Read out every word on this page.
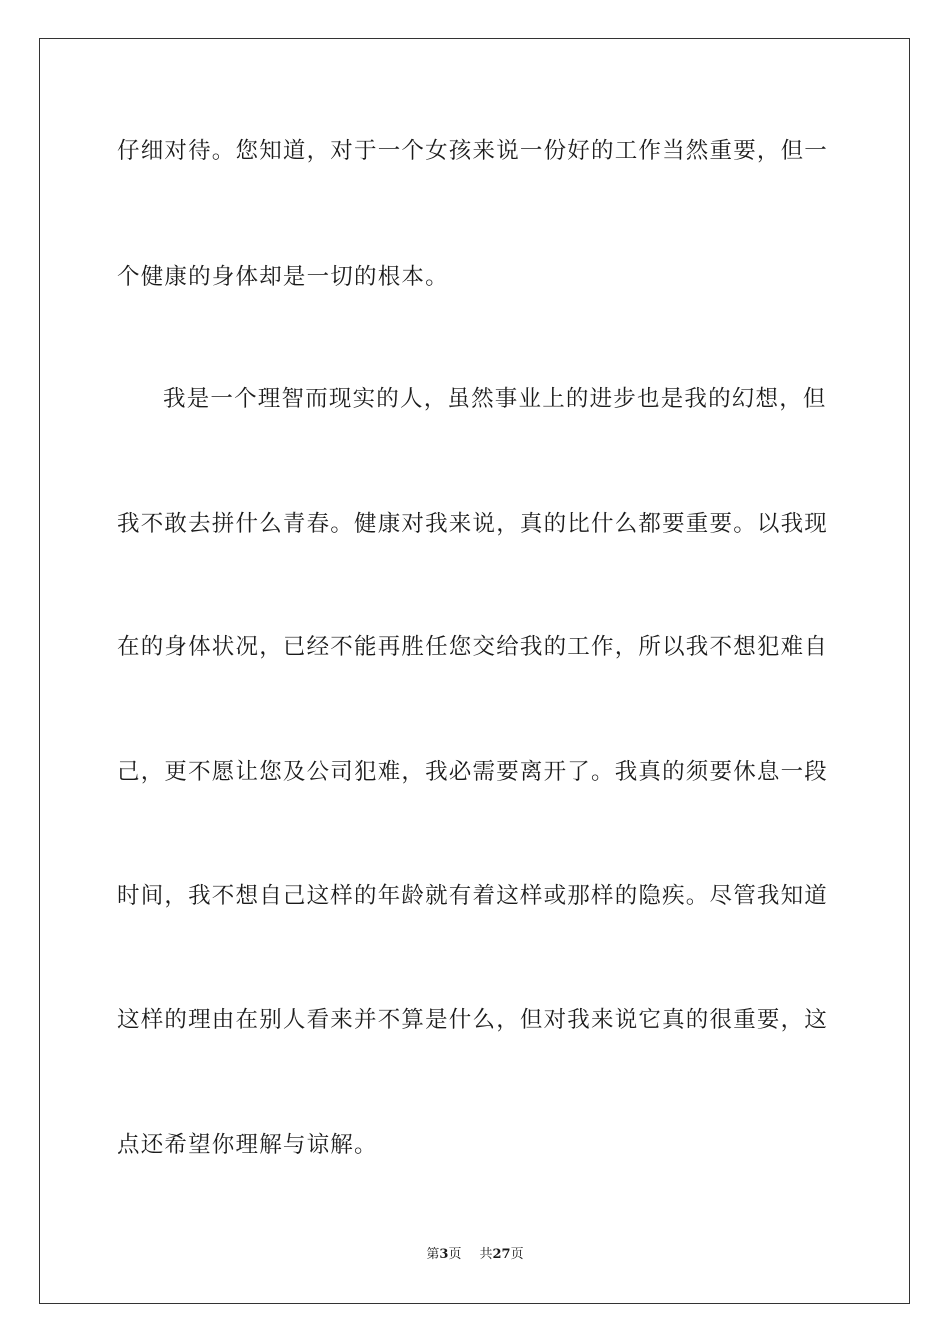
仔细对待。您知道，对于一个女孩来说一份好的工作当然重要，但一
个健康的身体却是一切的根本。
我是一个理智而现实的人，虽然事业上的进步也是我的幻想，但
我不敢去拼什么青春。健康对我来说，真的比什么都要重要。以我现
在的身体状况，已经不能再胜任您交给我的工作，所以我不想犯难自
己，更不愿让您及公司犯难，我必需要离开了。我真的须要休息一段
时间，我不想自己这样的年龄就有着这样或那样的隐疾。尽管我知道
这样的理由在别人看来并不算是什么，但对我来说它真的很重要，这
点还希望你理解与谅解。
第3页 共27页
